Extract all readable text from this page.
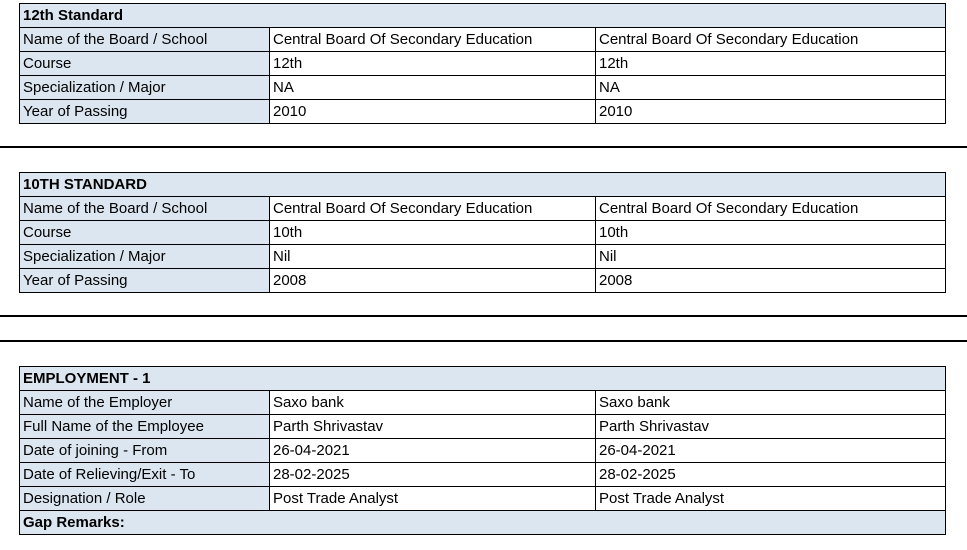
12th Standard		
Name of the Board / School	Central Board Of Secondary Education	Central Board Of Secondary Education
Course	12th	12th
Specialization / Major	NA	NA
Year of Passing	2010	2010
10TH STANDARD		
Name of the Board / School	Central Board Of Secondary Education	Central Board Of Secondary Education
Course	10th	10th
Specialization / Major	Nil	Nil
Year of Passing	2008	2008
EMPLOYMENT - 1		
Name of the Employer	Saxo bank	Saxo bank
Full Name of the Employee	Parth Shrivastav	Parth Shrivastav
Date of joining - From	26-04-2021	26-04-2021
Date of Relieving/Exit - To	28-02-2025	28-02-2025
Designation / Role	Post Trade Analyst	Post Trade Analyst
Gap Remarks:		
